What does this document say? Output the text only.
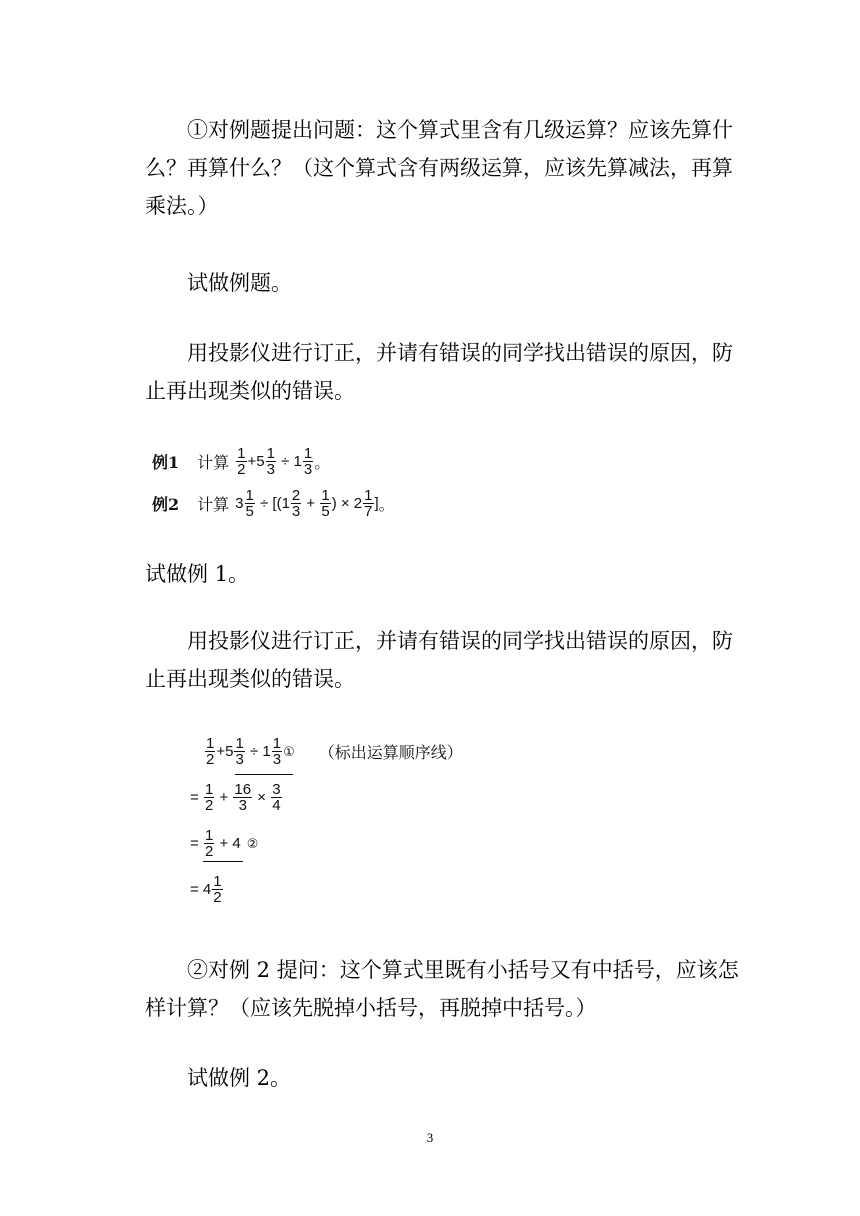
①对例题提出问题：这个算式里含有几级运算？应该先算什么？再算什么？（这个算式含有两级运算，应该先算减法，再算乘法。）

试做例题。

用投影仪进行订正，并请有错误的同学找出错误的原因，防止再出现类似的错误。

例1 计算 $\frac{1}{2} +5 \frac{1}{3} \div 1 \frac{1}{3}$ 。
例2 计算 $3 \frac{1}{5} \div [(1 \frac{2}{3} + \frac{1}{5}$ ) × $2 \frac{1}{7}$ ] 。

试做例 1。

用投影仪进行订正，并请有错误的同学找出错误的原因，防止再出现类似的错误。

$\frac{1}{2} +5 \frac{1}{3} \div 1 \frac{1}{3}$ ① （标出运算顺序线）
= $\frac{1}{2} + \frac{16}{3} \times \frac{3}{4}$
= $\frac{1}{2} + 4$ ②
= $4 \frac{1}{2}$

②对例 2 提问：这个算式里既有小括号又有中括号，应该怎样计算？（应该先脱掉小括号，再脱掉中括号。）

试做例 2。

3
